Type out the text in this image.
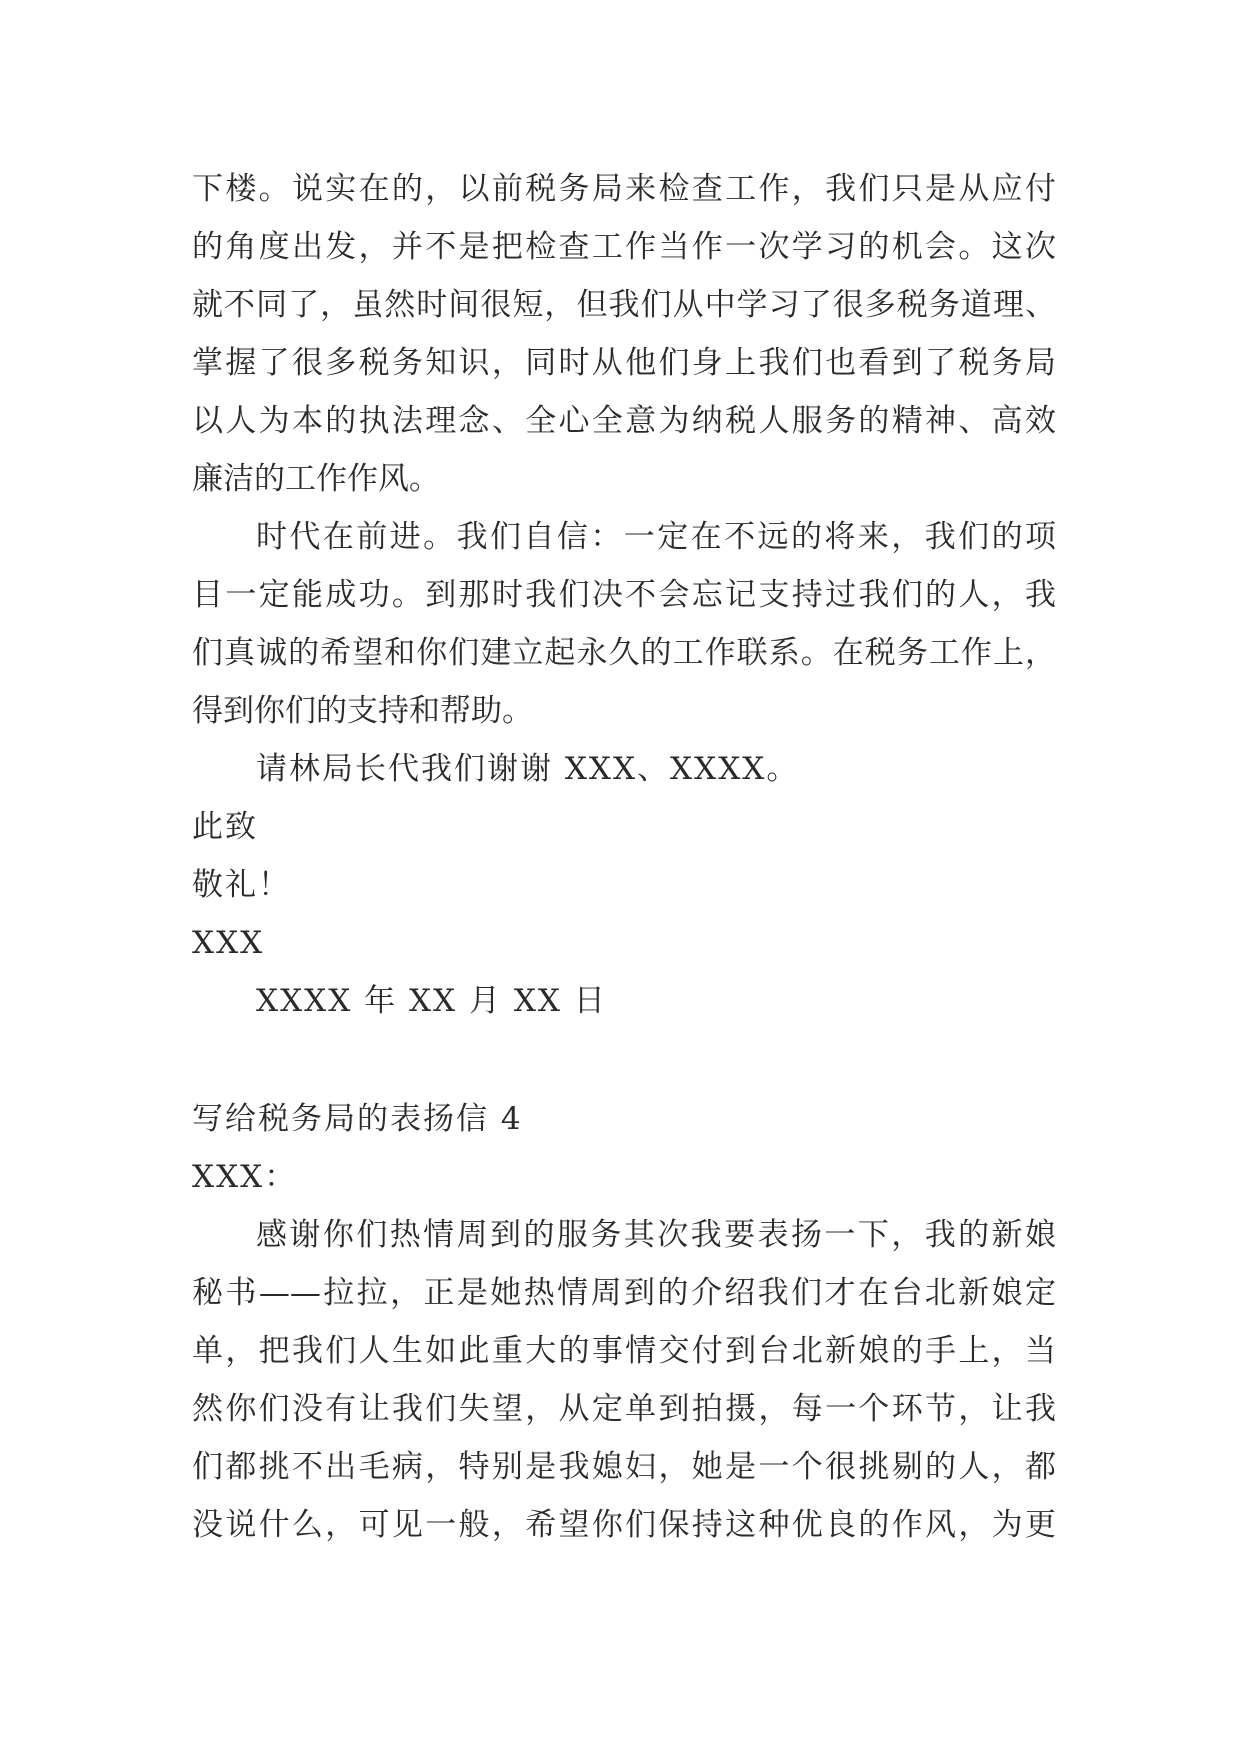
下楼。说实在的，以前税务局来检查工作，我们只是从应付
的角度出发，并不是把检查工作当作一次学习的机会。这次
就不同了，虽然时间很短，但我们从中学习了很多税务道理、
掌握了很多税务知识，同时从他们身上我们也看到了税务局
以人为本的执法理念、全心全意为纳税人服务的精神、高效
廉洁的工作作风。
时代在前进。我们自信：一定在不远的将来，我们的项
目一定能成功。到那时我们决不会忘记支持过我们的人，我
们真诚的希望和你们建立起永久的工作联系。在税务工作上，
得到你们的支持和帮助。
请林局长代我们谢谢 XXX、XXXX。
此致
敬礼！
XXX
XXXX 年 XX 月 XX 日
写给税务局的表扬信 4
XXX：
感谢你们热情周到的服务其次我要表扬一下，我的新娘
秘书——拉拉，正是她热情周到的介绍我们才在台北新娘定
单，把我们人生如此重大的事情交付到台北新娘的手上，当
然你们没有让我们失望，从定单到拍摄，每一个环节，让我
们都挑不出毛病，特别是我媳妇，她是一个很挑剔的人，都
没说什么，可见一般，希望你们保持这种优良的作风，为更
